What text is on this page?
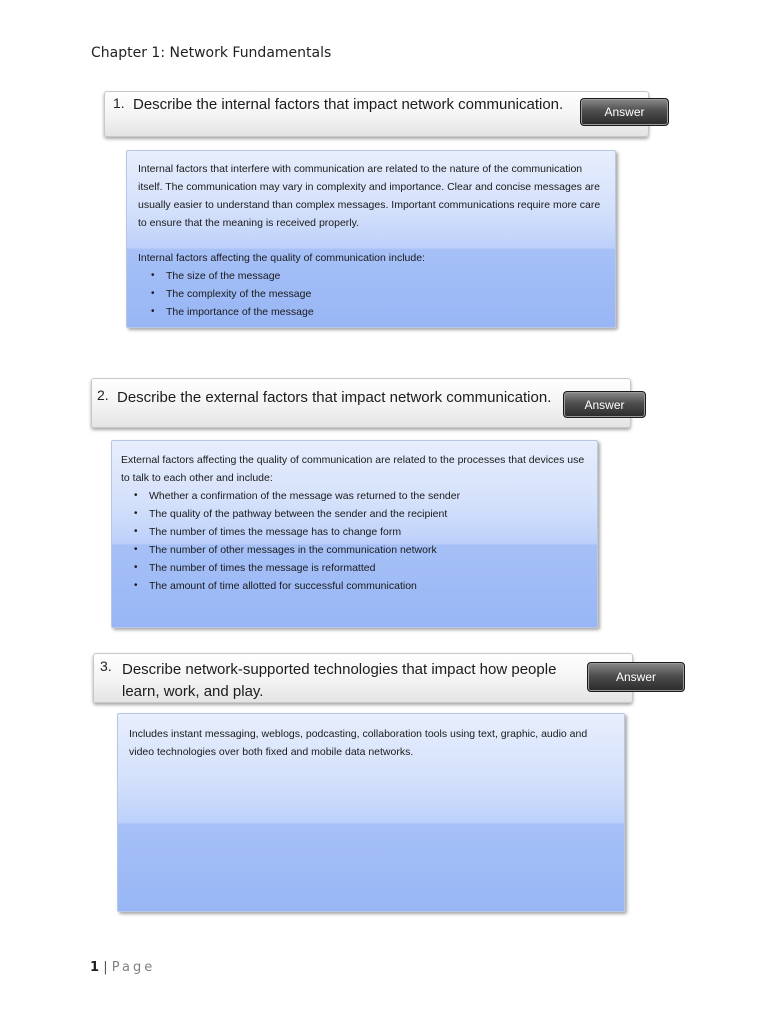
Chapter 1: Network Fundamentals
1. Describe the internal factors that impact network communication.	Answer

Internal factors that interfere with communication are related to the nature of the communication itself. The communication may vary in complexity and importance. Clear and concise messages are usually easier to understand than complex messages. Important communications require more care to ensure that the meaning is received properly.

Internal factors affecting the quality of communication include:

• The size of the message
• The complexity of the message
• The importance of the message
2. Describe the external factors that impact network communication.	Answer

External factors affecting the quality of communication are related to the processes that devices use to talk to each other and include:

• Whether a confirmation of the message was returned to the sender
• The quality of the pathway between the sender and the recipient
• The number of times the message has to change form
• The number of other messages in the communication network
• The number of times the message is reformatted
• The amount of time allotted for successful communication
3. Describe network-supported technologies that impact how people
learn, work, and play.
Answer

Includes instant messaging, weblogs, podcasting, collaboration tools using text, graphic, audio and video technologies over both fixed and mobile data networks.

1 | Page
